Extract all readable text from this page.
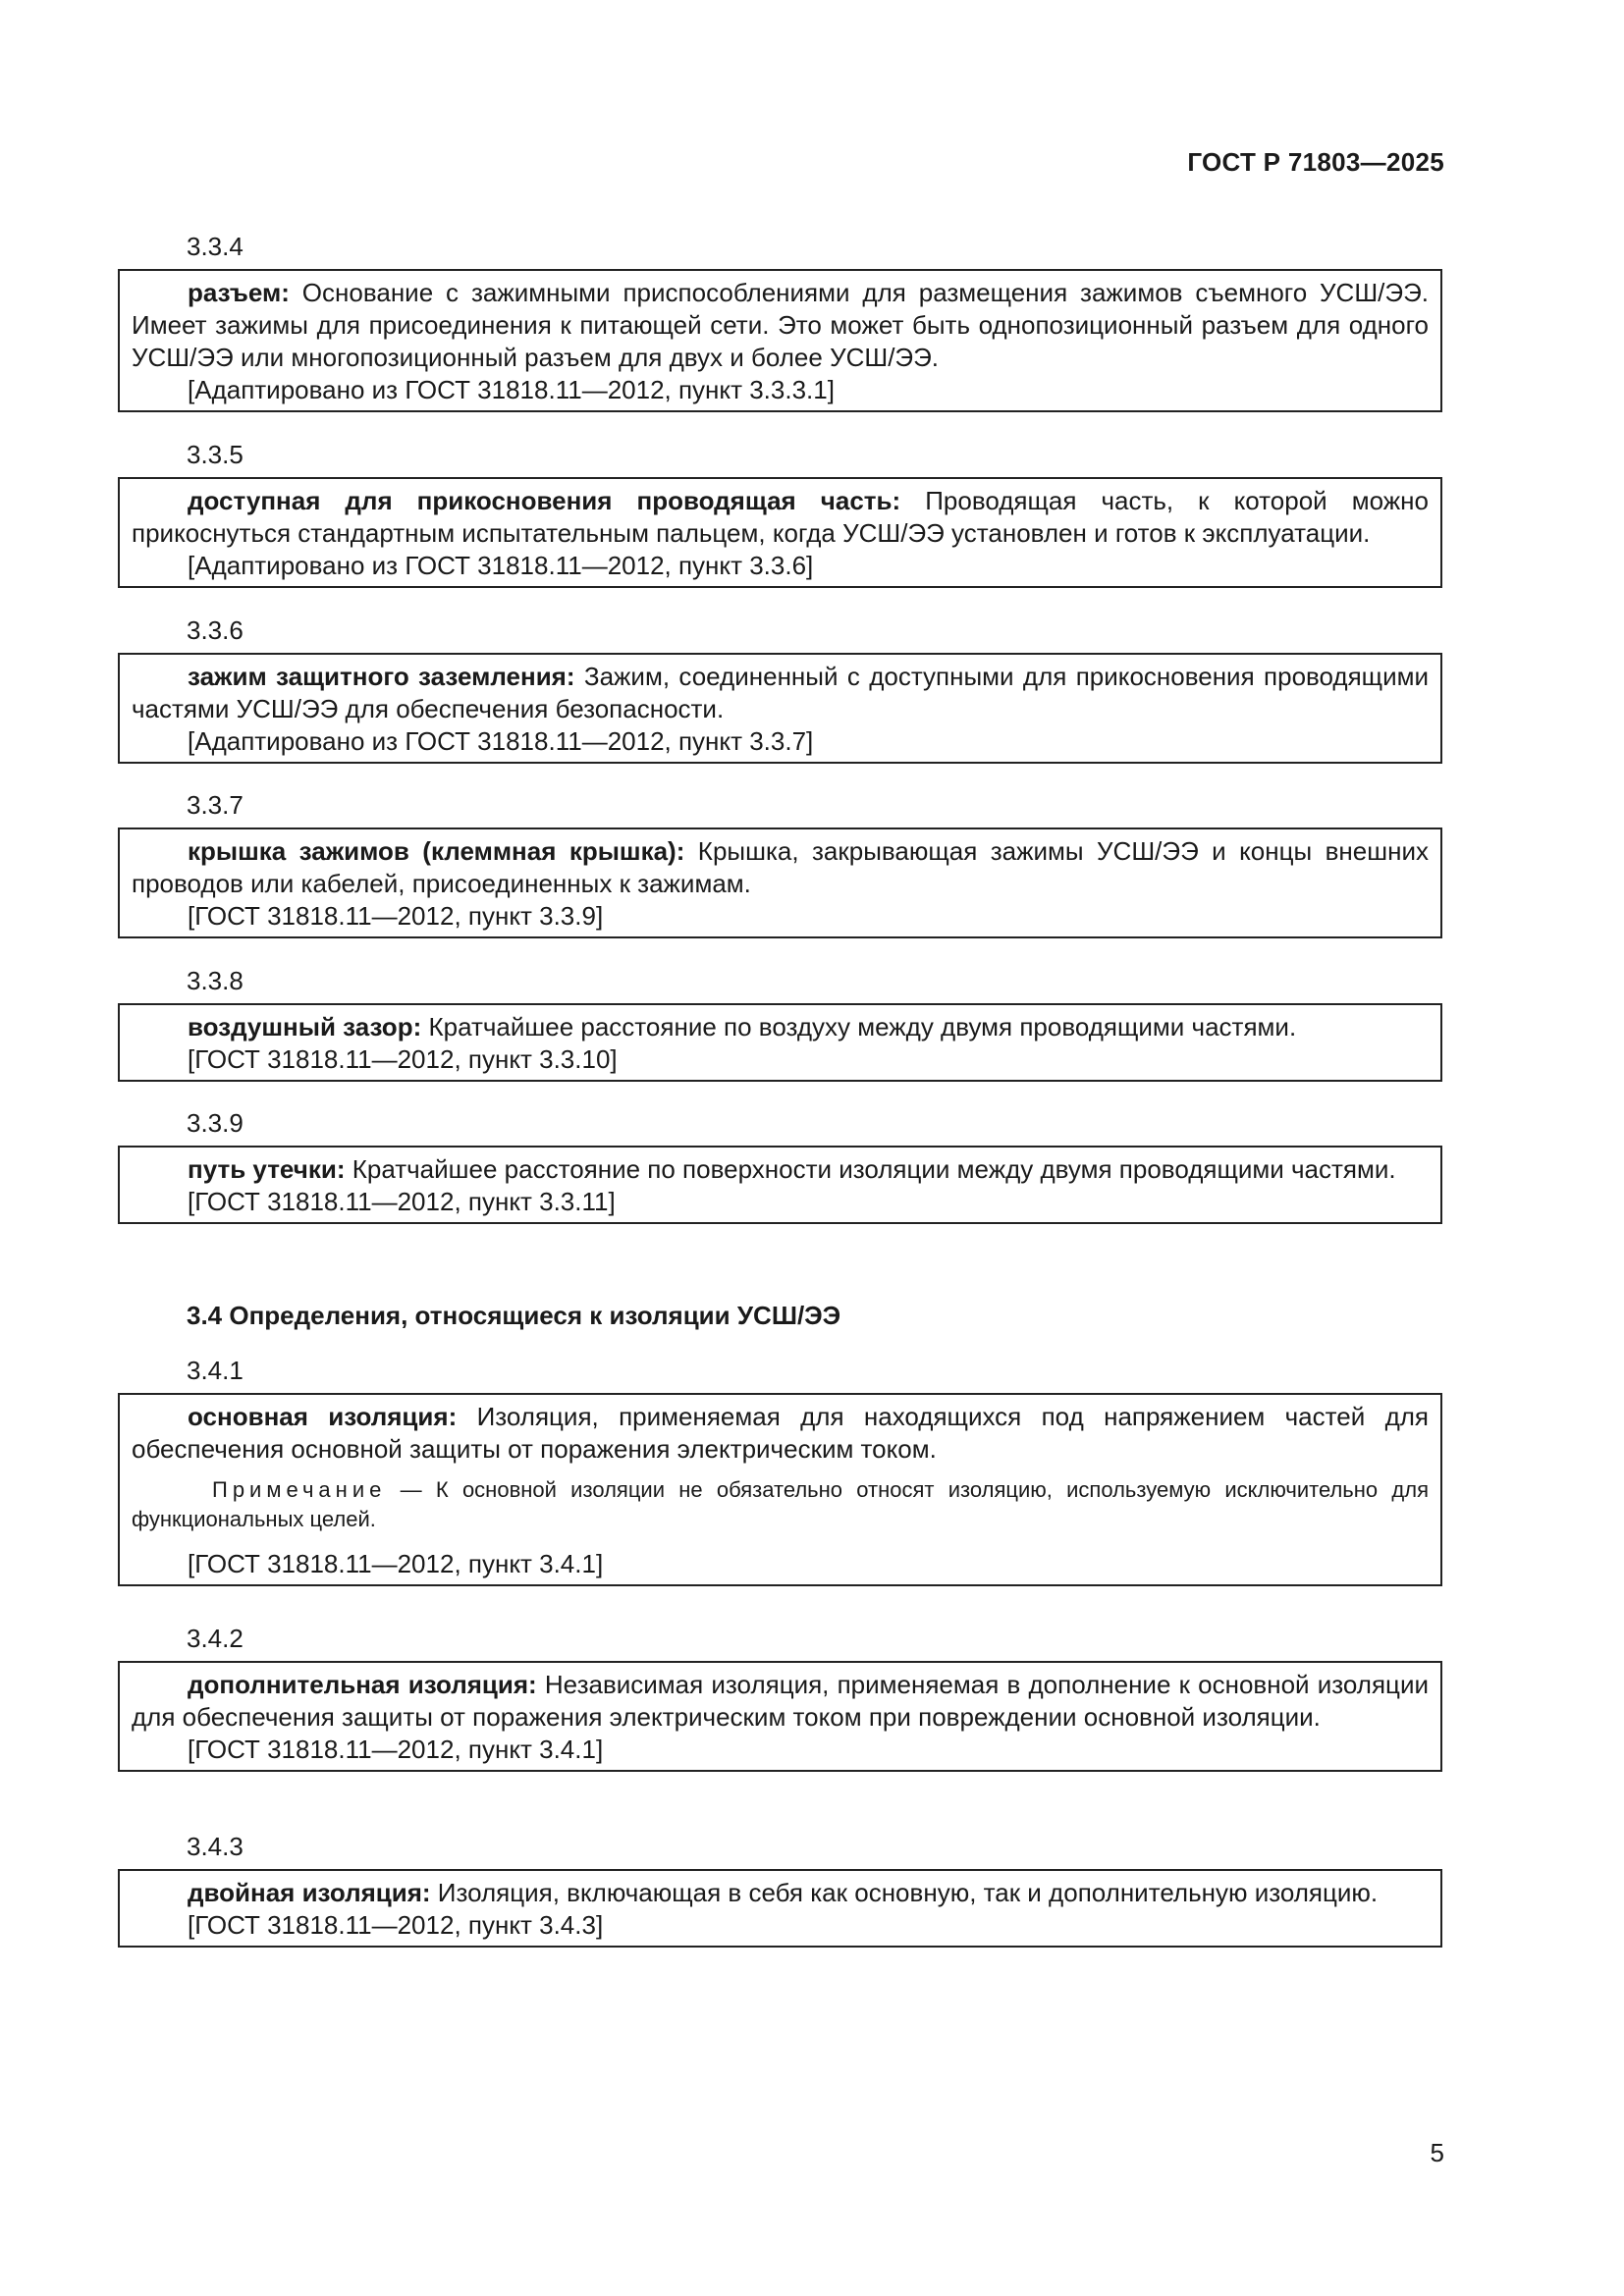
ГОСТ Р 71803—2025
3.3.4
разъем: Основание с зажимными приспособлениями для размещения зажимов съемного УСШ/ЭЭ. Имеет зажимы для присоединения к питающей сети. Это может быть однопозиционный разъем для одного УСШ/ЭЭ или многопозиционный разъем для двух и более УСШ/ЭЭ.
[Адаптировано из ГОСТ 31818.11—2012, пункт 3.3.3.1]
3.3.5
доступная для прикосновения проводящая часть: Проводящая часть, к которой можно прикоснуться стандартным испытательным пальцем, когда УСШ/ЭЭ установлен и готов к эксплуатации.
[Адаптировано из ГОСТ 31818.11—2012, пункт 3.3.6]
3.3.6
зажим защитного заземления: Зажим, соединенный с доступными для прикосновения проводящими частями УСШ/ЭЭ для обеспечения безопасности.
[Адаптировано из ГОСТ 31818.11—2012, пункт 3.3.7]
3.3.7
крышка зажимов (клеммная крышка): Крышка, закрывающая зажимы УСШ/ЭЭ и концы внешних проводов или кабелей, присоединенных к зажимам.
[ГОСТ 31818.11—2012, пункт 3.3.9]
3.3.8
воздушный зазор: Кратчайшее расстояние по воздуху между двумя проводящими частями.
[ГОСТ 31818.11—2012, пункт 3.3.10]
3.3.9
путь утечки: Кратчайшее расстояние по поверхности изоляции между двумя проводящими частями.
[ГОСТ 31818.11—2012, пункт 3.3.11]
3.4 Определения, относящиеся к изоляции УСШ/ЭЭ
3.4.1
основная изоляция: Изоляция, применяемая для находящихся под напряжением частей для обеспечения основной защиты от поражения электрическим током.
Примечание — К основной изоляции не обязательно относят изоляцию, используемую исключительно для функциональных целей.
[ГОСТ 31818.11—2012, пункт 3.4.1]
3.4.2
дополнительная изоляция: Независимая изоляция, применяемая в дополнение к основной изоляции для обеспечения защиты от поражения электрическим током при повреждении основной изоляции.
[ГОСТ 31818.11—2012, пункт 3.4.1]
3.4.3
двойная изоляция: Изоляция, включающая в себя как основную, так и дополнительную изоляцию.
[ГОСТ 31818.11—2012, пункт 3.4.3]
5
